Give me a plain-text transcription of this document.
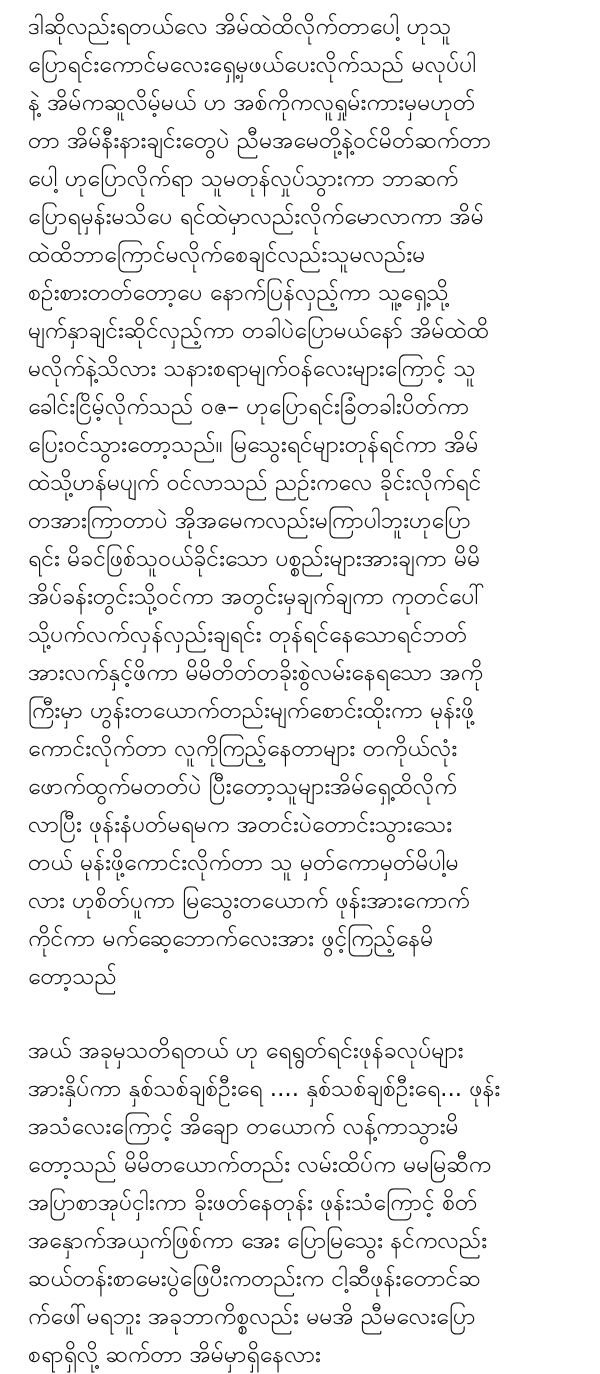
ဒါဆိုလည်းရတယ်လေ အိမ်ထဲထိလိုက်တာပေါ့ ဟုသူ
ပြောရင်းကောင်မလေးရှေ့မှဖယ်ပေးလိုက်သည် မလုပ်ပါ
နဲ့ အိမ်ကဆူလိမ့်မယ် ဟ အစ်ကိုကလူရှုမ်းကားမှမဟုတ်
တာ အိမ်နီးနားချင်းတွေပဲ ညီမအမေတို့နဲ့ဝင်မိတ်ဆက်တာ
ပေါ့ ဟုပြောလိုက်ရာ သူမတုန်လှုပ်သွားကာ ဘာဆက်
ပြောရမှန်းမသိပေ ရင်ထဲမှာလည်းလိုက်မောလာကာ အိမ်
ထဲထိဘာကြောင်မလိုက်စေချင်လည်းသူမလည်းမ
စဉ်းစားတတ်တော့ပေ နောက်ပြန်လှည့်ကာ သူ့ရှေ့သို့
မျက်နှာချင်းဆိုင်လှည့်ကာ တခါပဲပြောမယ်နော် အိမ်ထဲထိ
မလိုက်နဲ့သိလား သနားစရာမျက်ဝန်လေးများကြောင့် သူ
ခေါင်းငြိမ့်လိုက်သည် ဝဇ– ဟုပြောရင်းခြံတခါးပိတ်ကာ
ပြေးဝင်သွားတော့သည်။ မြသွေးရင်များတုန်ရင်ကာ အိမ်
ထဲသို့ဟန်မပျက် ဝင်လာသည် ညဉ်းကလေ ခိုင်းလိုက်ရင်
တအားကြာတာပဲ အိုအမေကလည်းမကြာပါဘူးဟုပြော
ရင်း မိခင်ဖြစ်သူဝယ်ခိုင်းသော ပစ္စည်းများအားချကာ မိမိ
အိပ်ခန်းတွင်းသို့ဝင်ကာ အတွင်းမှချက်ချကာ ကုတင်ပေါ်
သို့ပက်လက်လှန်လှည်းချရင်း တုန်ရင်နေသောရင်ဘတ်
အားလက်နှင့်ဖိကာ မိမိတိတ်တခိုးစွဲလမ်းနေရသော အကို
ကြီးမှာ ဟွန်းတယောက်တည်းမျက်စောင်းထိုးကာ မုန်းဖို့
ကောင်းလိုက်တာ လူကိုကြည့်နေတာများ တကိုယ်လုံး
ဖောက်ထွက်မတတ်ပဲ ပြီးတော့သူများအိမ်ရှေ့ထိလိုက်
လာပြီး ဖုန်းနံပတ်မရမက အတင်းပဲတောင်းသွားသေး
တယ် မုန်းဖို့ကောင်းလိုက်တာ သူ မှတ်ကောမှတ်မိပါ့မ
လား ဟုစိတ်ပူကာ မြသွေးတယောက် ဖုန်းအားကောက်
ကိုင်ကာ မက်ဆေ့ဘောက်လေးအား ဖွင့်ကြည့်နေမိ
တော့သည်
အယ် အခုမှသတိရတယ် ဟု ရေရွတ်ရင်းဖုန်ခလုပ်များ
အားနှိပ်ကာ နှစ်သစ်ချစ်ဦးရေ .... နှစ်သစ်ချစ်ဦးရေ... ဖုန်း
အသံလေးကြောင့် အိချော တယောက် လန့်ကာသွားမိ
တော့သည် မိမိတယောက်တည်း လမ်းထိပ်က မမမြဆီက
အပြာစာအုပ်ငှါးကာ ခိုးဖတ်နေတုန်း ဖုန်းသံကြောင့် စိတ်
အနှောက်အယှက်ဖြစ်ကာ အေး ပြောမြသွေး နင်ကလည်း
ဆယ်တန်းစာမေးပွဲဖြေပီးကတည်းက ငါ့ဆီဖုန်းတောင်ဆ
က်ဖေါ်မရဘူး အခုဘာကိစ္စလည်း မမအိ ညီမလေးပြော
စရာရှိလို့ ဆက်တာ အိမ်မှာရှိနေလား
